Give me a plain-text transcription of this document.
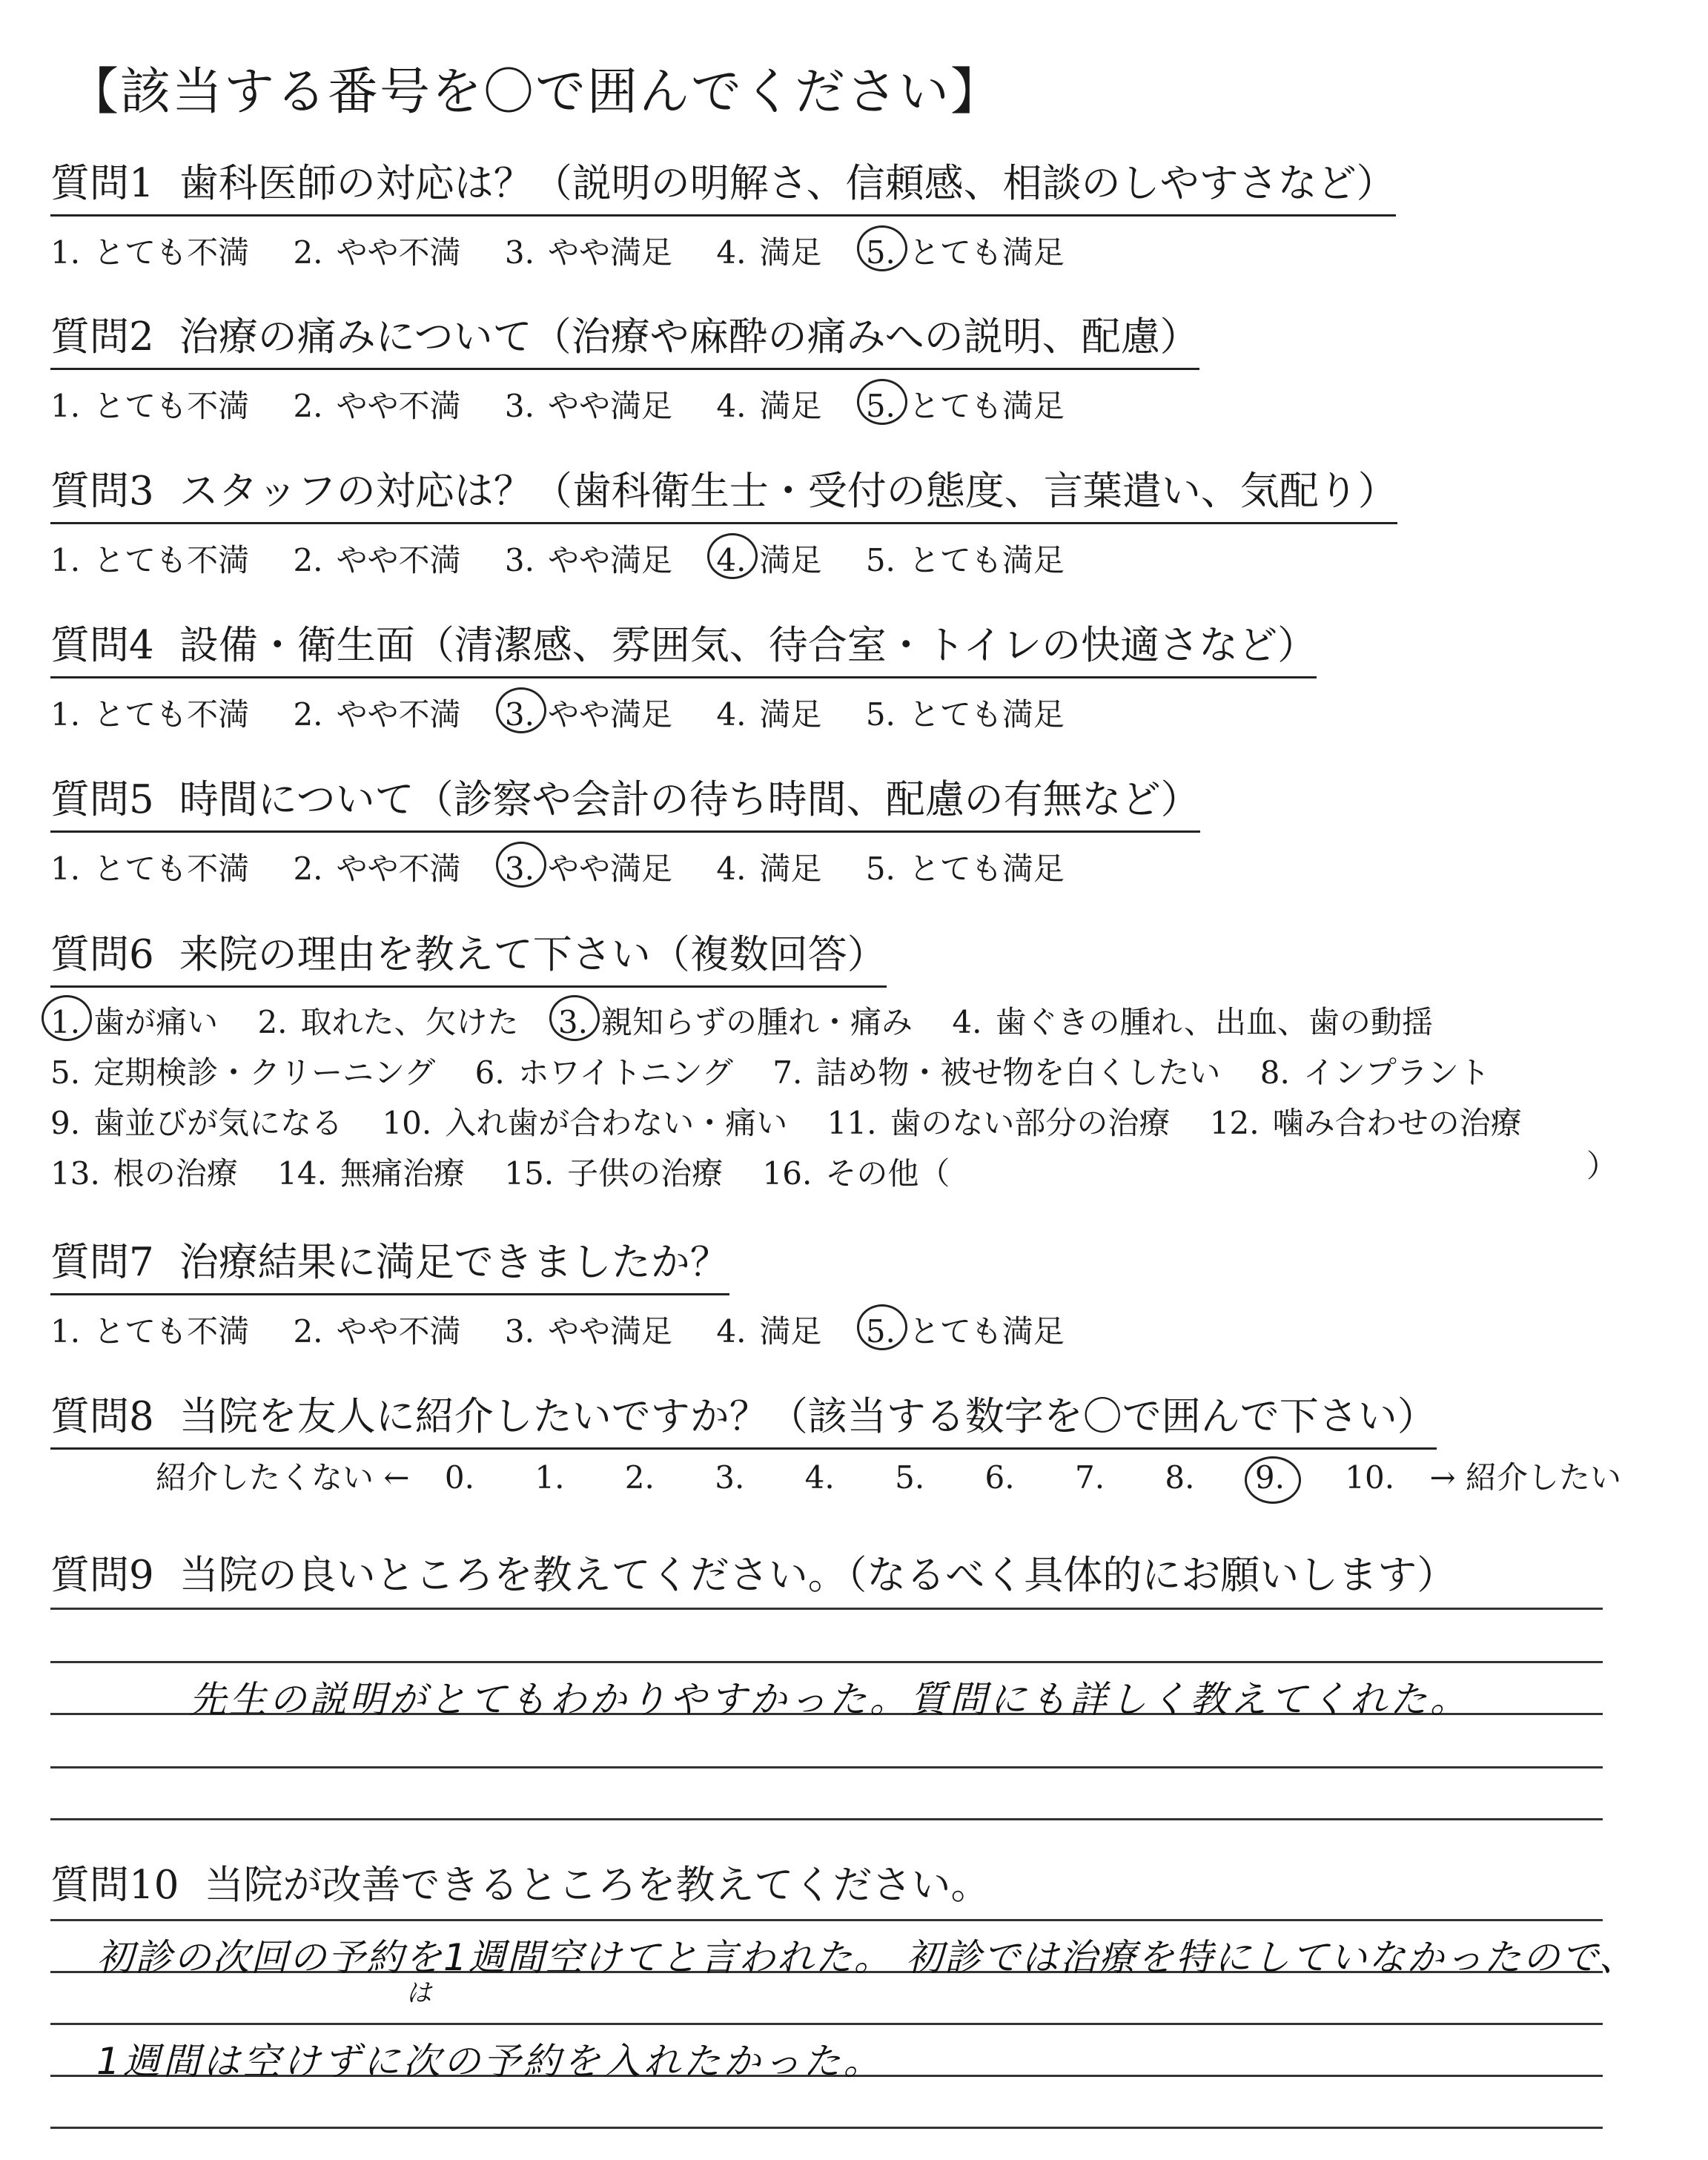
【該当する番号を〇で囲んでください】
質問1 歯科医師の対応は？（説明の明解さ、信頼感、相談のしやすさなど）
1. とても不満 2. やや不満 3. やや満足 4. 満足 5. とても満足
質問2 治療の痛みについて（治療や麻酔の痛みへの説明、配慮）
1. とても不満 2. やや不満 3. やや満足 4. 満足 5. とても満足
質問3 スタッフの対応は？（歯科衛生士・受付の態度、言葉遣い、気配り）
1. とても不満 2. やや不満 3. やや満足 4. 満足 5. とても満足
質問4 設備・衛生面（清潔感、雰囲気、待合室・トイレの快適さなど）
1. とても不満 2. やや不満 3. やや満足 4. 満足 5. とても満足
質問5 時間について（診察や会計の待ち時間、配慮の有無など）
1. とても不満 2. やや不満 3. やや満足 4. 満足 5. とても満足
質問6 来院の理由を教えて下さい（複数回答）
1. 歯が痛い 2. 取れた、欠けた 3. 親知らずの腫れ・痛み 4. 歯ぐきの腫れ、出血、歯の動揺
5. 定期検診・クリーニング 6. ホワイトニング 7. 詰め物・被せ物を白くしたい 8. インプラント
9. 歯並びが気になる 10. 入れ歯が合わない・痛い 11. 歯のない部分の治療 12. 噛み合わせの治療
13. 根の治療 14. 無痛治療 15. 子供の治療 16. その他（	）
質問7 治療結果に満足できましたか？
1. とても不満 2. やや不満 3. やや満足 4. 満足 5. とても満足
質問8 当院を友人に紹介したいですか？（該当する数字を〇で囲んで下さい）
紹介したくない ← 0. 1. 2. 3. 4. 5. 6. 7. 8. 9. 10. → 紹介したい
質問9 当院の良いところを教えてください。（なるべく具体的にお願いします）
先生の説明がとてもわかりやすかった。質問にも詳しく教えてくれた。
質問10 当院が改善できるところを教えてください。
初診の次回の予約を1週間空けてと言われた。 初診では治療を特にしていなかったので、
は
1週間は空けずに次の予約を入れたかった。
